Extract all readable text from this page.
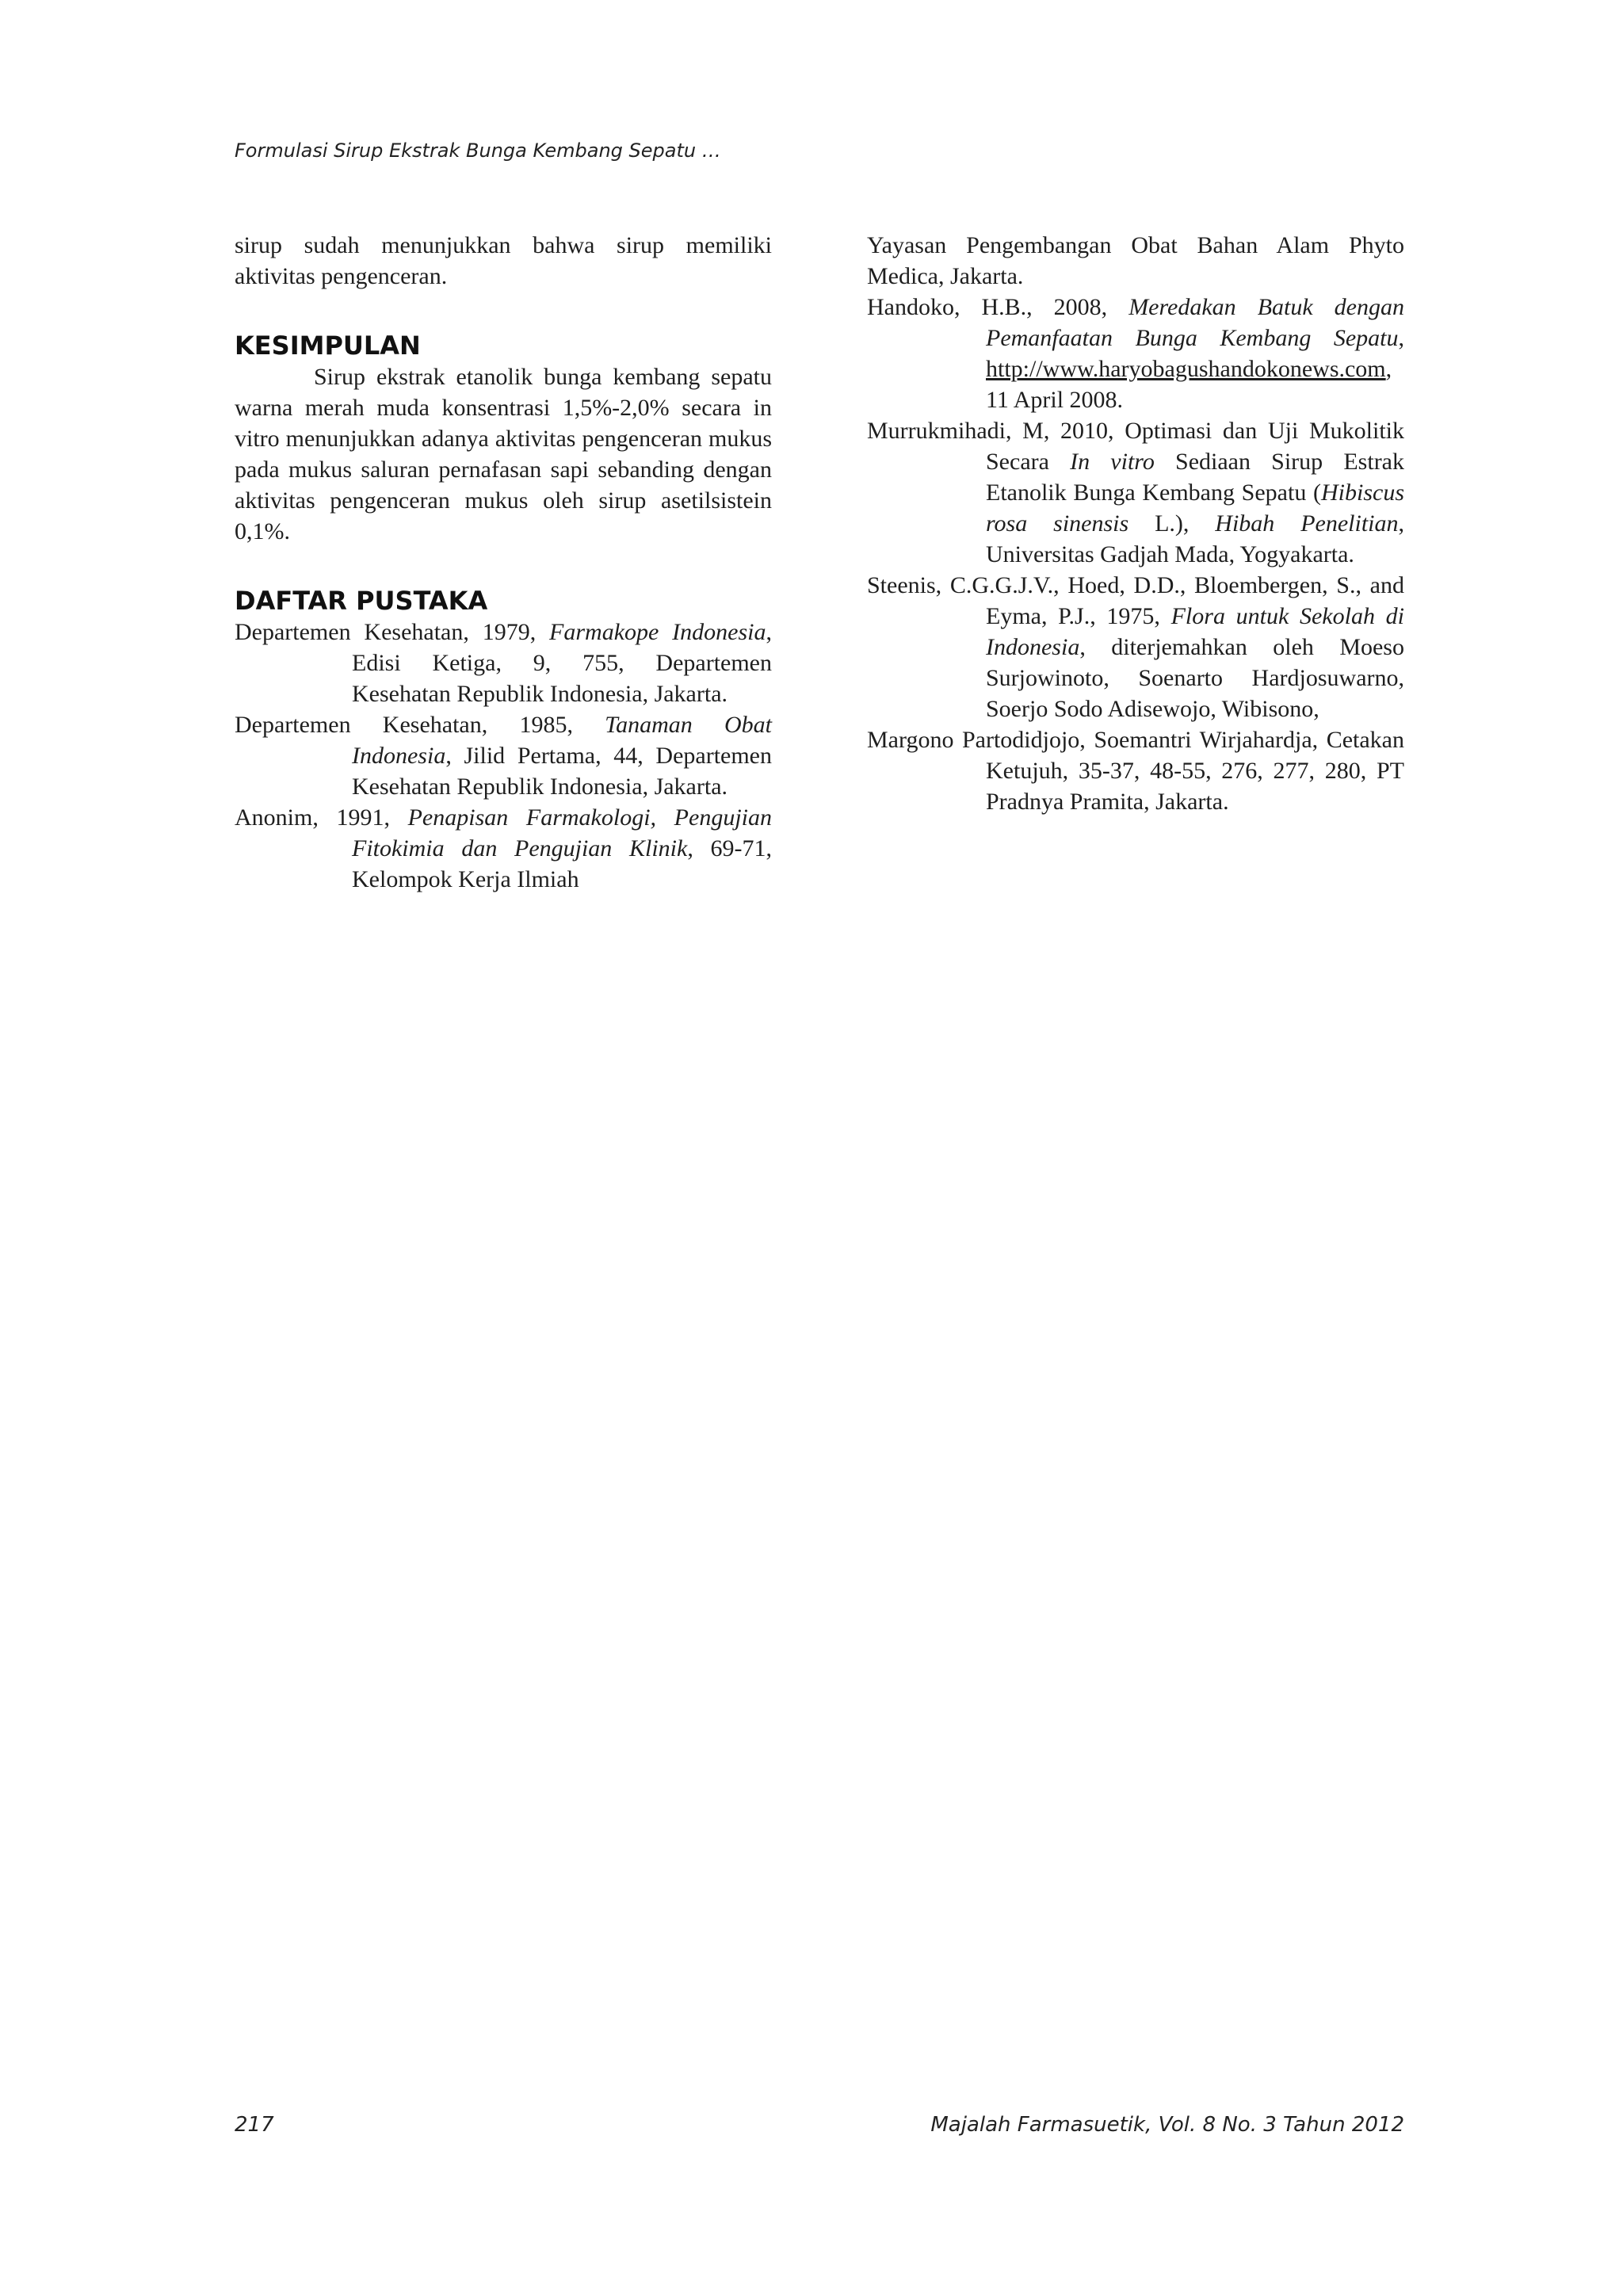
Formulasi Sirup Ekstrak Bunga Kembang Sepatu …

sirup sudah menunjukkan bahwa sirup memiliki aktivitas pengenceran.

KESIMPULAN

Sirup ekstrak etanolik bunga kembang sepatu warna merah muda konsentrasi 1,5%-2,0% secara in vitro menunjukkan adanya aktivitas pengenceran mukus pada mukus saluran pernafasan sapi sebanding dengan aktivitas pengenceran mukus oleh sirup asetilsistein 0,1%.

DAFTAR PUSTAKA

Departemen Kesehatan, 1979, Farmakope Indonesia, Edisi Ketiga, 9, 755, Departemen Kesehatan Republik Indonesia, Jakarta.

Departemen Kesehatan, 1985, Tanaman Obat Indonesia, Jilid Pertama, 44, Departemen Kesehatan Republik Indonesia, Jakarta.

Anonim, 1991, Penapisan Farmakologi, Pengujian Fitokimia dan Pengujian Klinik, 69-71, Kelompok Kerja Ilmiah

Yayasan Pengembangan Obat Bahan Alam Phyto Medica, Jakarta.

Handoko, H.B., 2008, Meredakan Batuk dengan Pemanfaatan Bunga Kembang Sepatu, http://www.haryobagushandokonews.com, 11 April 2008.

Murrukmihadi, M, 2010, Optimasi dan Uji Mukolitik Secara In vitro Sediaan Sirup Estrak Etanolik Bunga Kembang Sepatu (Hibiscus rosa sinensis L.), Hibah Penelitian, Universitas Gadjah Mada, Yogyakarta.

Steenis, C.G.G.J.V., Hoed, D.D., Bloembergen, S., and Eyma, P.J., 1975, Flora untuk Sekolah di Indonesia, diterjemahkan oleh Moeso Surjowinoto, Soenarto Hardjosuwarno, Soerjo Sodo Adisewojo, Wibisono,

Margono Partodidjojo, Soemantri Wirjahardja, Cetakan Ketujuh, 35-37, 48-55, 276, 277, 280, PT Pradnya Pramita, Jakarta.

217	Majalah Farmasuetik, Vol. 8 No. 3 Tahun 2012
